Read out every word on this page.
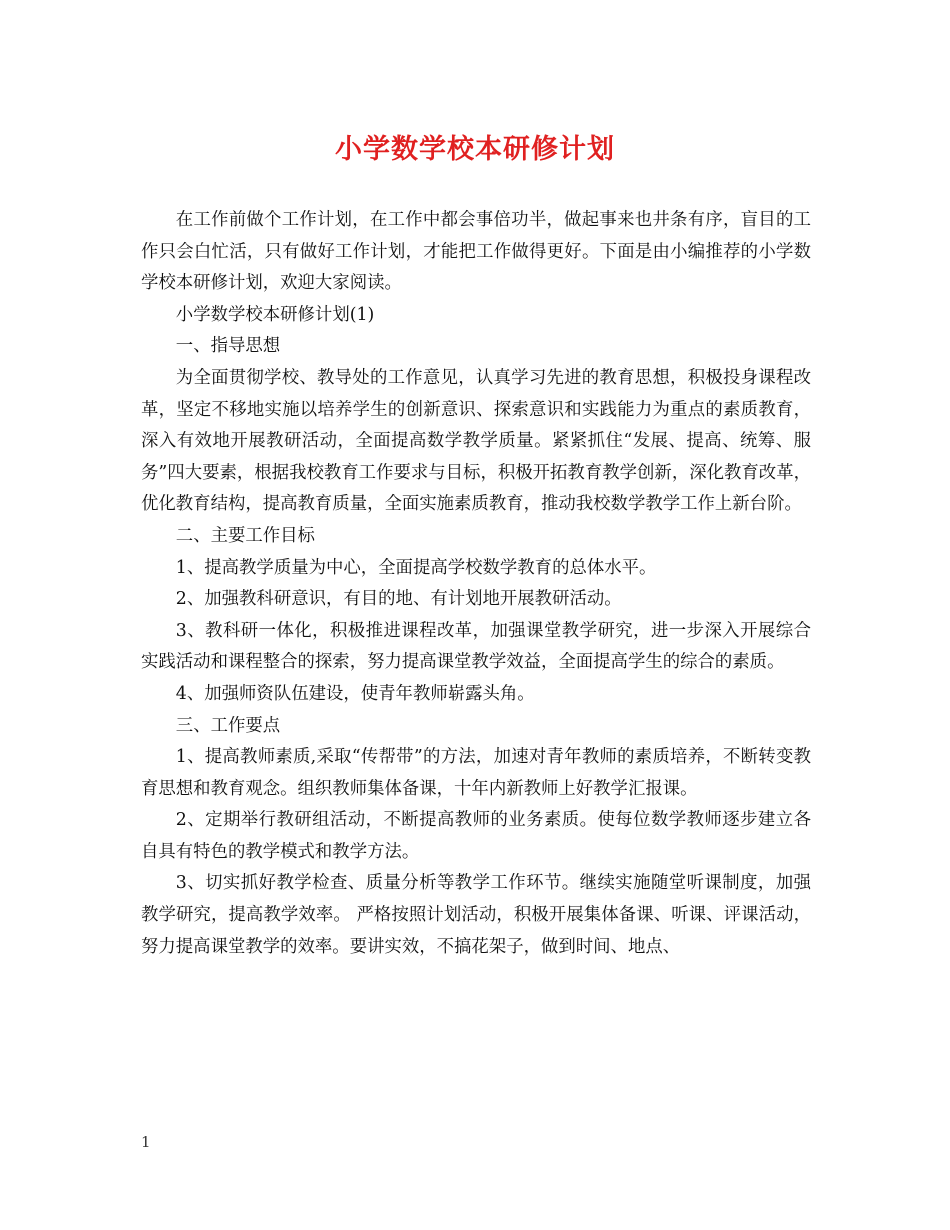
小学数学校本研修计划

在工作前做个工作计划，在工作中都会事倍功半，做起事来也井条有序，盲目的工作只会白忙活，只有做好工作计划，才能把工作做得更好。下面是由小编推荐的小学数学校本研修计划，欢迎大家阅读。

小学数学校本研修计划(1)

一、指导思想

为全面贯彻学校、教导处的工作意见，认真学习先进的教育思想，积极投身课程改革，坚定不移地实施以培养学生的创新意识、探索意识和实践能力为重点的素质教育，深入有效地开展教研活动，全面提高数学教学质量。紧紧抓住“发展、提高、统筹、服务”四大要素，根据我校教育工作要求与目标，积极开拓教育教学创新，深化教育改革，优化教育结构，提高教育质量，全面实施素质教育，推动我校数学教学工作上新台阶。

二、主要工作目标

1、提高教学质量为中心，全面提高学校数学教育的总体水平。

2、加强教科研意识，有目的地、有计划地开展教研活动。

3、教科研一体化，积极推进课程改革，加强课堂教学研究，进一步深入开展综合实践活动和课程整合的探索，努力提高课堂教学效益，全面提高学生的综合的素质。

4、加强师资队伍建设，使青年教师崭露头角。

三、工作要点

1、提高教师素质,采取“传帮带”的方法，加速对青年教师的素质培养，不断转变教育思想和教育观念。组织教师集体备课，十年内新教师上好教学汇报课。

2、定期举行教研组活动，不断提高教师的业务素质。使每位数学教师逐步建立各自具有特色的教学模式和教学方法。

3、切实抓好教学检查、质量分析等教学工作环节。继续实施随堂听课制度，加强教学研究，提高教学效率。 严格按照计划活动，积极开展集体备课、听课、评课活动，努力提高课堂教学的效率。要讲实效，不搞花架子，做到时间、地点、

1
